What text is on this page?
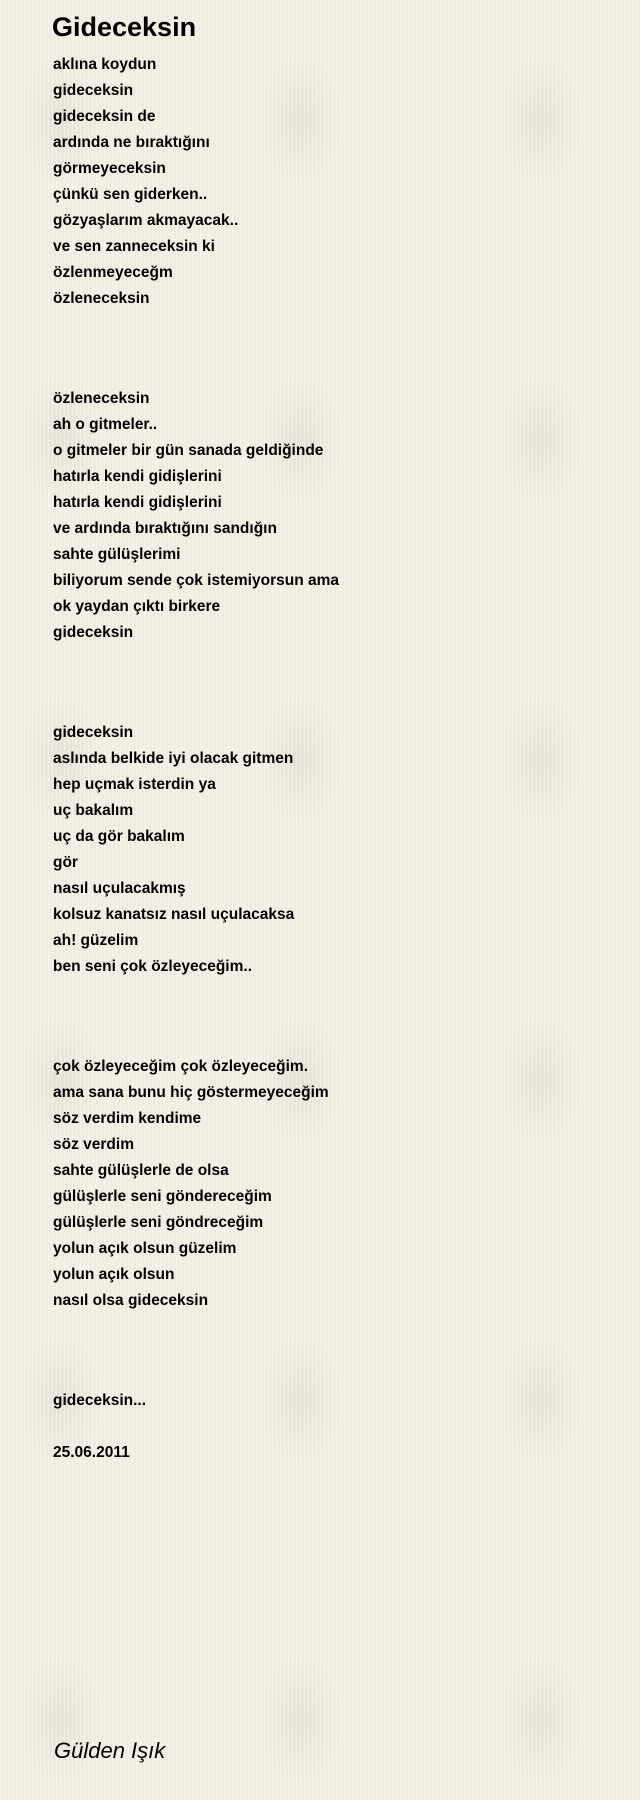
Gideceksin
aklına koydun
gideceksin
gideceksin de
ardında ne bıraktığını
görmeyeceksin
çünkü sen giderken..
gözyaşlarım akmayacak..
ve sen zanneceksin ki
özlenmeyeceğm
özleneceksin
özleneceksin
ah o gitmeler..
o gitmeler bir gün sanada geldiğinde
hatırla kendi gidişlerini
hatırla kendi gidişlerini
ve ardında bıraktığını sandığın
sahte gülüşlerimi
biliyorum sende çok istemiyorsun ama
ok yaydan çıktı birkere
gideceksin
gideceksin
aslında belkide iyi olacak gitmen
hep uçmak isterdin ya
uç bakalım
uç da gör bakalım
gör
nasıl uçulacakmış
kolsuz kanatsız nasıl uçulacaksa
ah! güzelim
ben seni çok özleyeceğim..
çok özleyeceğim çok özleyeceğim.
ama sana bunu hiç göstermeyeceğim
söz verdim kendime
söz verdim
sahte gülüşlerle de olsa
gülüşlerle seni göndereceğim
gülüşlerle seni göndreceğim
yolun açık olsun güzelim
yolun açık olsun
nasıl olsa gideceksin
gideceksin...
25.06.2011
Gülden Işık
